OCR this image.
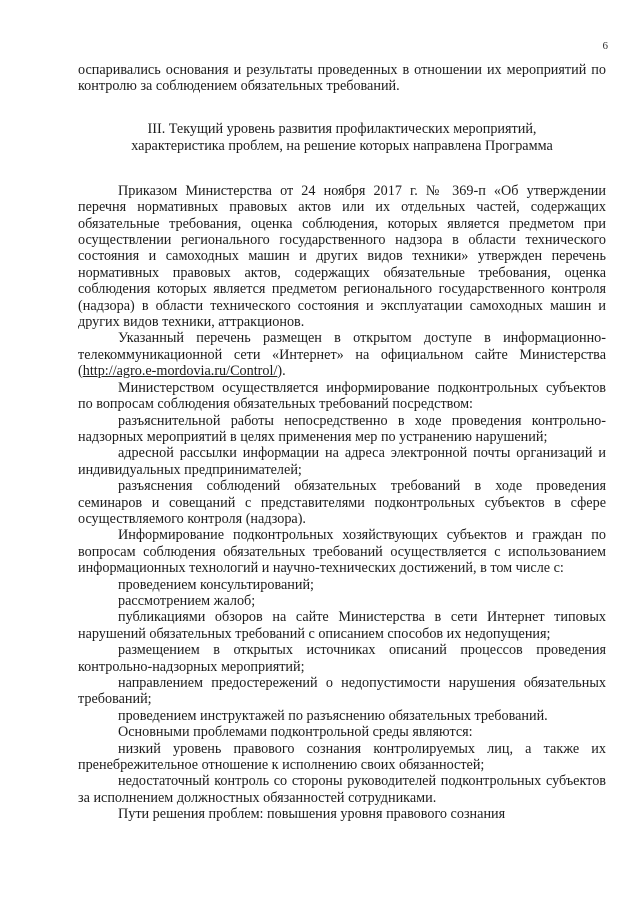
6

оспаривались основания и результаты проведенных в отношении их мероприятий по контролю за соблюдением обязательных требований.

III. Текущий уровень развития профилактических мероприятий,
характеристика проблем, на решение которых направлена Программа

Приказом Министерства от 24 ноября 2017 г. № 369-п «Об утверждении перечня нормативных правовых актов или их отдельных частей, содержащих обязательные требования, оценка соблюдения, которых является предметом при осуществлении регионального государственного надзора в области технического состояния и самоходных машин и других видов техники» утвержден перечень нормативных правовых актов, содержащих обязательные требования, оценка соблюдения которых является предметом регионального государственного контроля (надзора) в области технического состояния и эксплуатации самоходных машин и других видов техники, аттракционов.

Указанный перечень размещен в открытом доступе в информационно-телекоммуникационной сети «Интернет» на официальном сайте Министерства (http://agro.e-mordovia.ru/Control/).

Министерством осуществляется информирование подконтрольных субъектов по вопросам соблюдения обязательных требований посредством:

разъяснительной работы непосредственно в ходе проведения контрольно-надзорных мероприятий в целях применения мер по устранению нарушений;

адресной рассылки информации на адреса электронной почты организаций и индивидуальных предпринимателей;

разъяснения соблюдений обязательных требований в ходе проведения семинаров и совещаний с представителями подконтрольных субъектов в сфере осуществляемого контроля (надзора).

Информирование подконтрольных хозяйствующих субъектов и граждан по вопросам соблюдения обязательных требований осуществляется с использованием информационных технологий и научно-технических достижений, в том числе с:

проведением консультирований;

рассмотрением жалоб;

публикациями обзоров на сайте Министерства в сети Интернет типовых нарушений обязательных требований с описанием способов их недопущения;

размещением в открытых источниках описаний процессов проведения контрольно-надзорных мероприятий;

направлением предостережений о недопустимости нарушения обязательных требований;

проведением инструктажей по разъяснению обязательных требований.

Основными проблемами подконтрольной среды являются:

низкий уровень правового сознания контролируемых лиц, а также их пренебрежительное отношение к исполнению своих обязанностей;

недостаточный контроль со стороны руководителей подконтрольных субъектов за исполнением должностных обязанностей сотрудниками.

Пути решения проблем: повышения уровня правового сознания
